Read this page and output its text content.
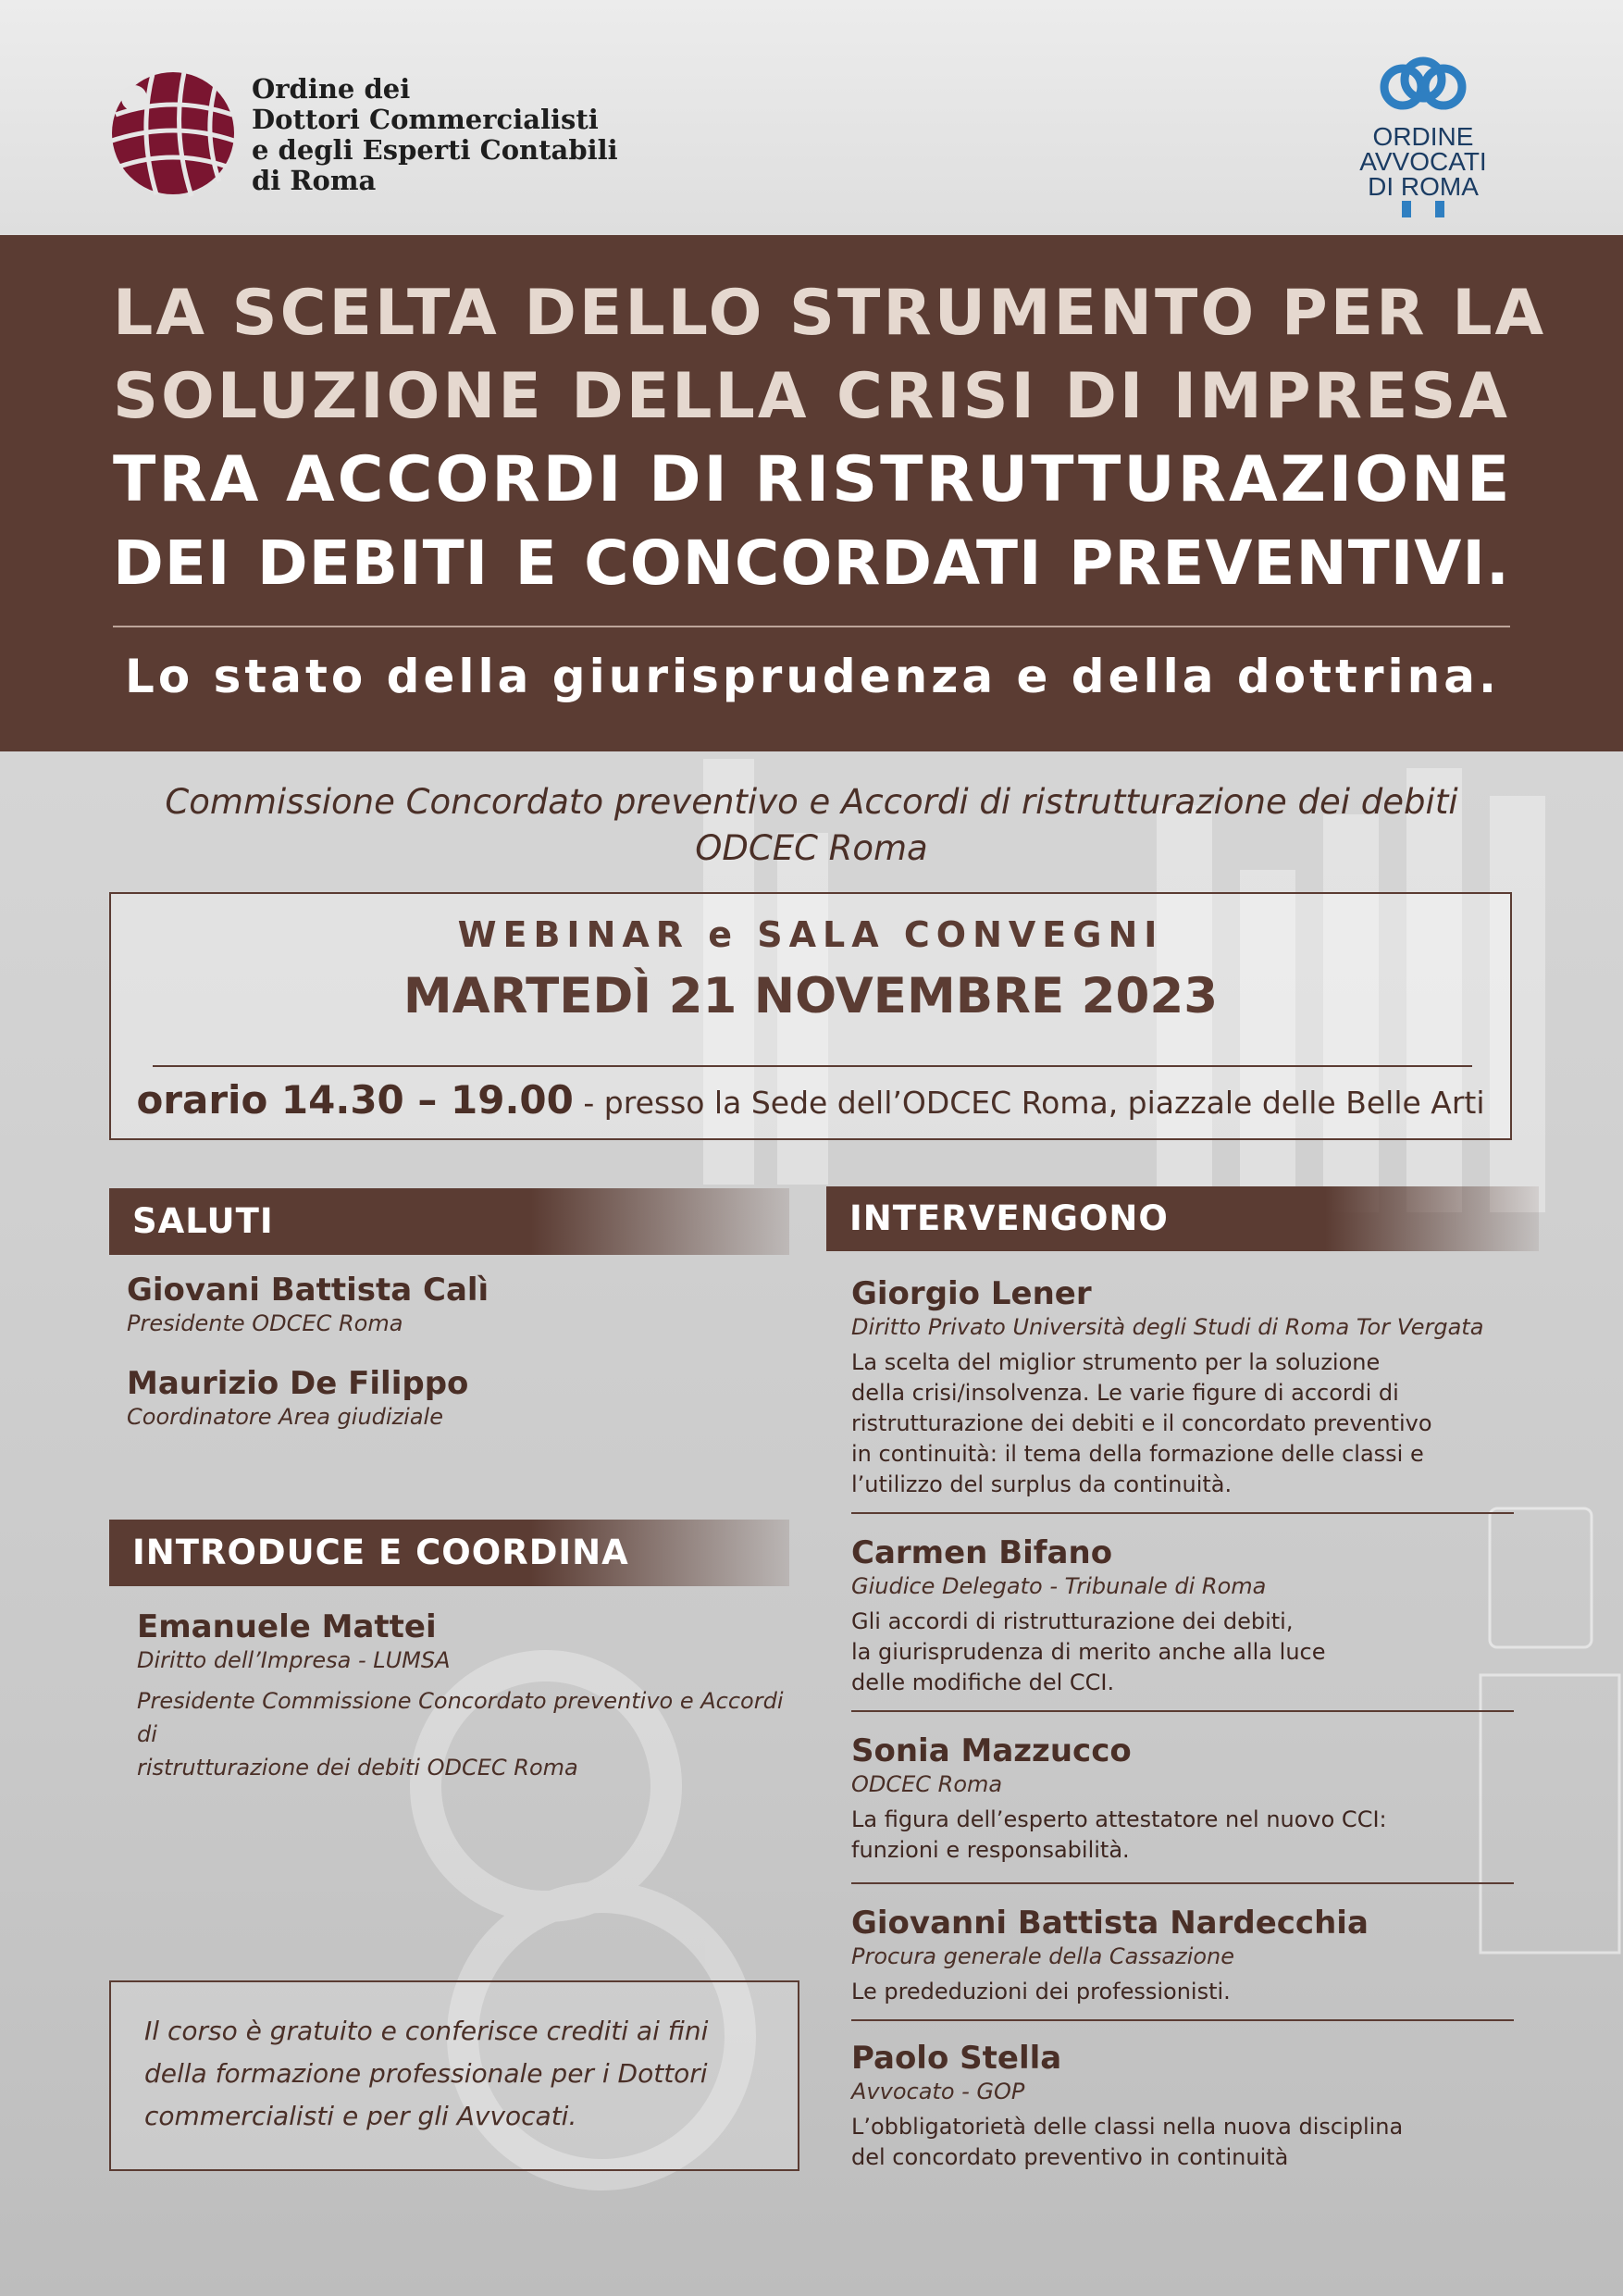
Ordine dei
Dottori Commercialisti
e degli Esperti Contabili
di Roma
ORDINE
AVVOCATI
DI ROMA
LA SCELTA DELLO STRUMENTO PER LA
SOLUZIONE DELLA CRISI DI IMPRESA
TRA ACCORDI DI RISTRUTTURAZIONE
DEI DEBITI E CONCORDATI PREVENTIVI.
Lo stato della giurisprudenza e della dottrina.
Commissione Concordato preventivo e Accordi di ristrutturazione dei debiti
ODCEC Roma
WEBINAR e SALA CONVEGNI
MARTEDÌ 21 NOVEMBRE 2023
orario 14.30 – 19.00 - presso la Sede dell’ODCEC Roma, piazzale delle Belle Arti
SALUTI
Giovani Battista Calì
Presidente ODCEC Roma
Maurizio De Filippo
Coordinatore Area giudiziale
INTRODUCE E COORDINA
Emanuele Mattei
Diritto dell’Impresa - LUMSA
Presidente Commissione Concordato preventivo e Accordi di
ristrutturazione dei debiti ODCEC Roma
INTERVENGONO
Giorgio Lener
Diritto Privato Università degli Studi di Roma Tor Vergata
La scelta del miglior strumento per la soluzione
della crisi/insolvenza. Le varie figure di accordi di
ristrutturazione dei debiti e il concordato preventivo
in continuità: il tema della formazione delle classi e
l’utilizzo del surplus da continuità.
Carmen Bifano
Giudice Delegato - Tribunale di Roma
Gli accordi di ristrutturazione dei debiti,
la giurisprudenza di merito anche alla luce
delle modifiche del CCI.
Sonia Mazzucco
ODCEC Roma
La figura dell’esperto attestatore nel nuovo CCI:
funzioni e responsabilità.
Giovanni Battista Nardecchia
Procura generale della Cassazione
Le prededuzioni dei professionisti.
Paolo Stella
Avvocato - GOP
L’obbligatorietà delle classi nella nuova disciplina
del concordato preventivo in continuità
Il corso è gratuito e conferisce crediti ai fini
della formazione professionale per i Dottori
commercialisti e per gli Avvocati.
